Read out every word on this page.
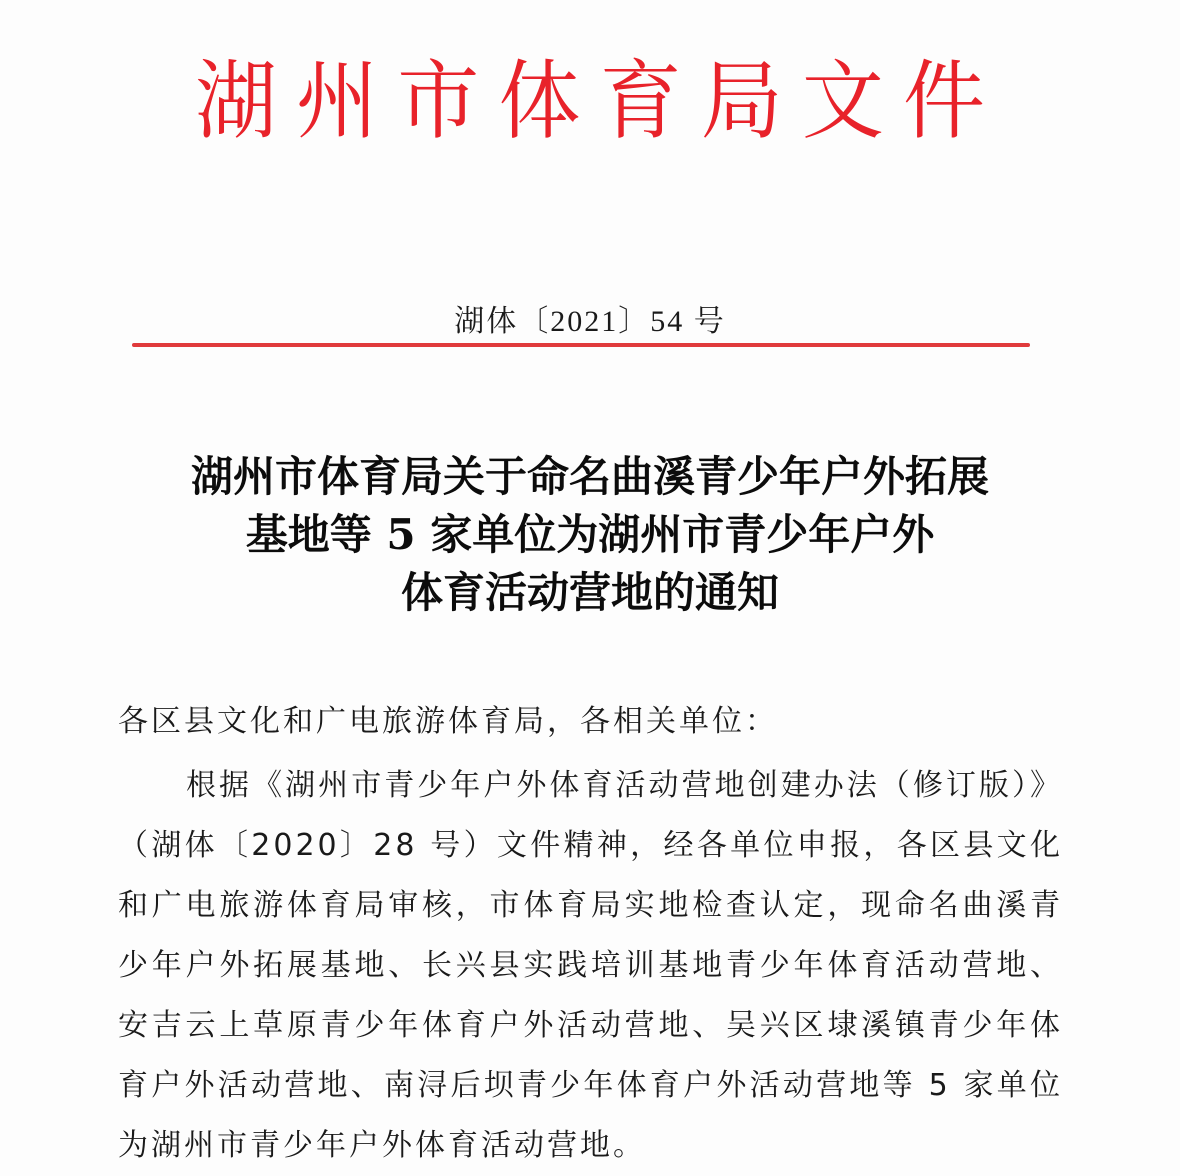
湖 州 市 体 育 局 文 件
湖体〔2021〕54 号
湖州市体育局关于命名曲溪青少年户外拓展
基地等 5 家单位为湖州市青少年户外
体育活动营地的通知
各区县文化和广电旅游体育局，各相关单位：
根据《湖州市青少年户外体育活动营地创建办法（修订版）》
（湖体〔2020〕28 号）文件精神，经各单位申报，各区县文化
和广电旅游体育局审核，市体育局实地检查认定，现命名曲溪青
少年户外拓展基地、长兴县实践培训基地青少年体育活动营地、
安吉云上草原青少年体育户外活动营地、吴兴区埭溪镇青少年体
育户外活动营地、南浔后坝青少年体育户外活动营地等 5 家单位
为湖州市青少年户外体育活动营地。
